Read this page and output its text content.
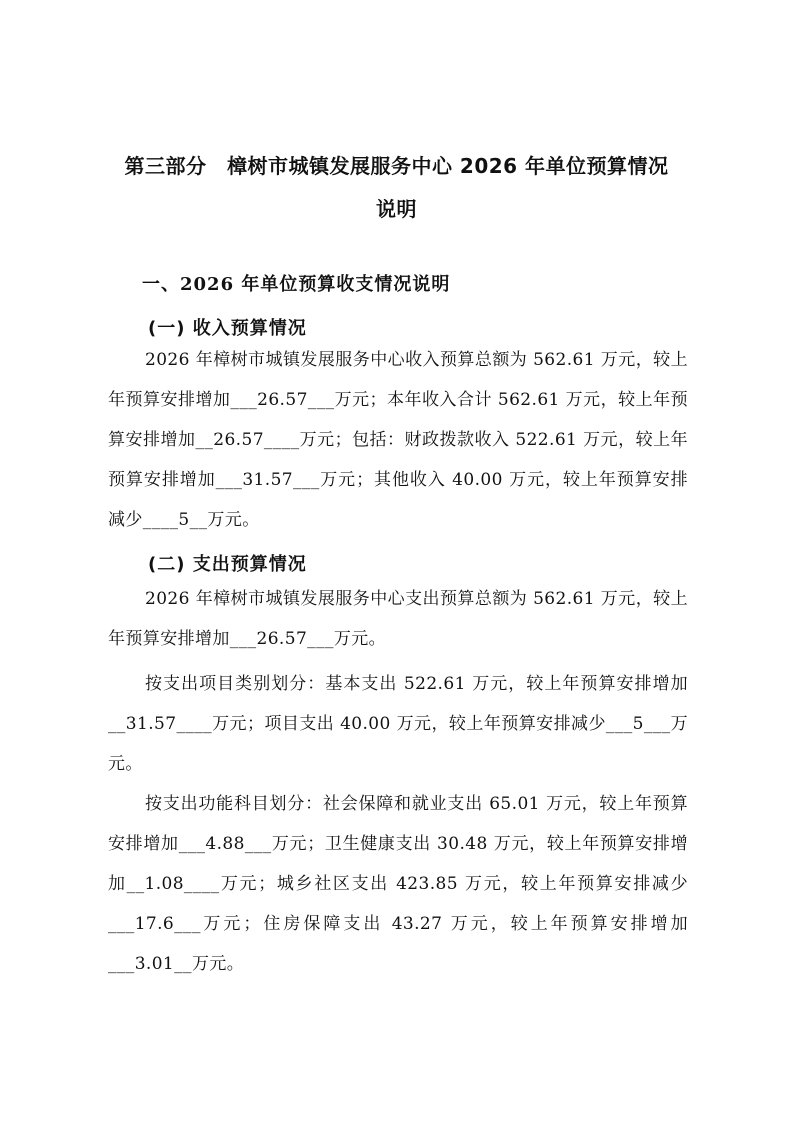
第三部分　樟树市城镇发展服务中心 2026 年单位预算情况
说明
一、2026 年单位预算收支情况说明
(一) 收入预算情况

2026 年樟树市城镇发展服务中心收入预算总额为 562.61 万元，较上年预算安排增加___26.57___万元；本年收入合计 562.61 万元，较上年预算安排增加__26.57____万元；包括：财政拨款收入 522.61 万元，较上年预算安排增加___31.57___万元；其他收入 40.00 万元，较上年预算安排减少____5__万元。

(二) 支出预算情况

2026 年樟树市城镇发展服务中心支出预算总额为 562.61 万元，较上年预算安排增加___26.57___万元。

按支出项目类别划分：基本支出 522.61 万元，较上年预算安排增加__31.57____万元；项目支出 40.00 万元，较上年预算安排减少___5___万元。

按支出功能科目划分：社会保障和就业支出 65.01 万元，较上年预算安排增加___4.88___万元；卫生健康支出 30.48 万元，较上年预算安排增加__1.08____万元；城乡社区支出 423.85 万元，较上年预算安排减少___17.6___万元；住房保障支出 43.27 万元，较上年预算安排增加___3.01__万元。
